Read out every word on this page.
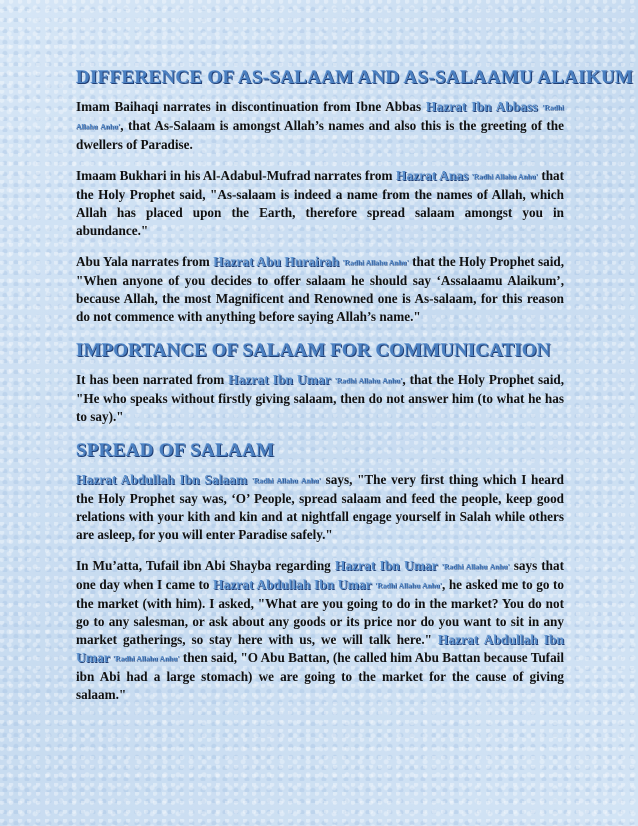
DIFFERENCE OF AS-SALAAM AND AS-SALAAMU ALAIKUM

Imam Baihaqi narrates in discontinuation from Ibne Abbas Hazrat Ibn Abbass 'Radhi Allahu Anhu', that As-Salaam is amongst Allah’s names and also this is the greeting of the dwellers of Paradise.

Imaam Bukhari in his Al-Adabul-Mufrad narrates from Hazrat Anas 'Radhi Allahu Anhu' that the Holy Prophet said, "As-salaam is indeed a name from the names of Allah, which Allah has placed upon the Earth, therefore spread salaam amongst you in abundance."

Abu Yala narrates from Hazrat Abu Hurairah 'Radhi Allahu Anhu' that the Holy Prophet said, "When anyone of you decides to offer salaam he should say ‘Assalaamu Alaikum’, because Allah, the most Magnificent and Renowned one is As-salaam, for this reason do not commence with anything before saying Allah’s name."

IMPORTANCE OF SALAAM FOR COMMUNICATION

It has been narrated from Hazrat Ibn Umar 'Radhi Allahu Anhu', that the Holy Prophet said, "He who speaks without firstly giving salaam, then do not answer him (to what he has to say)."

SPREAD OF SALAAM

Hazrat Abdullah Ibn Salaam 'Radhi Allahu Anhu' says, "The very first thing which I heard the Holy Prophet say was, ‘O’ People, spread salaam and feed the people, keep good relations with your kith and kin and at nightfall engage yourself in Salah while others are asleep, for you will enter Paradise safely."

In Mu’atta, Tufail ibn Abi Shayba regarding Hazrat Ibn Umar 'Radhi Allahu Anhu' says that one day when I came to Hazrat Abdullah Ibn Umar 'Radhi Allahu Anhu', he asked me to go to the market (with him). I asked, "What are you going to do in the market? You do not go to any salesman, or ask about any goods or its price nor do you want to sit in any market gatherings, so stay here with us, we will talk here." Hazrat Abdullah Ibn Umar 'Radhi Allahu Anhu' then said, "O Abu Battan, (he called him Abu Battan because Tufail ibn Abi had a large stomach) we are going to the market for the cause of giving salaam."
